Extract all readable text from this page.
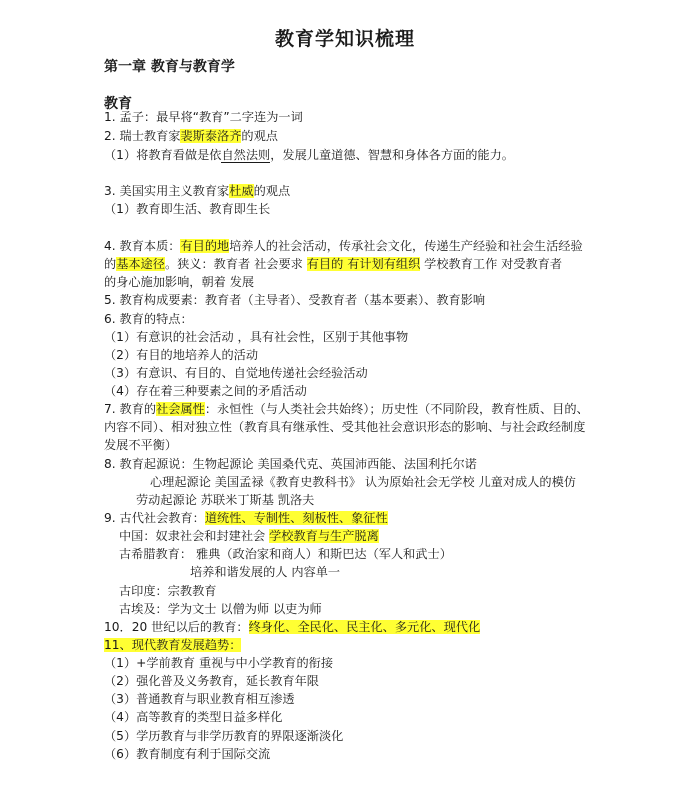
教育学知识梳理
第一章 教育与教育学
教育
1. 孟子：最早将“教育”二字连为一词
2. 瑞士教育家裴斯泰洛齐的观点
（1）将教育看做是依自然法则，发展儿童道德、智慧和身体各方面的能力。
3. 美国实用主义教育家杜威的观点
（1）教育即生活、教育即生长
4. 教育本质：有目的地培养人的社会活动，传承社会文化，传递生产经验和社会生活经验
的基本途径。狭义：教育者 社会要求 有目的 有计划有组织 学校教育工作 对受教育者
的身心施加影响，朝着 发展
5. 教育构成要素：教育者（主导者）、受教育者（基本要素）、教育影响
6. 教育的特点：
（1）有意识的社会活动 ，具有社会性，区别于其他事物
（2）有目的地培养人的活动
（3）有意识、有目的、自觉地传递社会经验活动
（4）存在着三种要素之间的矛盾活动
7. 教育的社会属性：永恒性（与人类社会共始终）；历史性（不同阶段，教育性质、目的、
内容不同）、相对独立性（教育具有继承性、受其他社会意识形态的影响、与社会政经制度
发展不平衡）
8. 教育起源说：生物起源论 美国桑代克、英国沛西能、法国利托尔诺
心理起源论 美国孟禄《教育史教科书》 认为原始社会无学校 儿童对成人的模仿
劳动起源论 苏联米丁斯基 凯洛夫
9. 古代社会教育：道统性、专制性、刻板性、象征性
中国：奴隶社会和封建社会 学校教育与生产脱离
古希腊教育： 雅典（政治家和商人）和斯巴达（军人和武士）
培养和谐发展的人 内容单一
古印度：宗教教育
古埃及：学为文士 以僧为师 以吏为师
10．20 世纪以后的教育：终身化、全民化、民主化、多元化、现代化
11、现代教育发展趋势：
（1）+学前教育 重视与中小学教育的衔接
（2）强化普及义务教育，延长教育年限
（3）普通教育与职业教育相互渗透
（4）高等教育的类型日益多样化
（5）学历教育与非学历教育的界限逐渐淡化
（6）教育制度有利于国际交流
